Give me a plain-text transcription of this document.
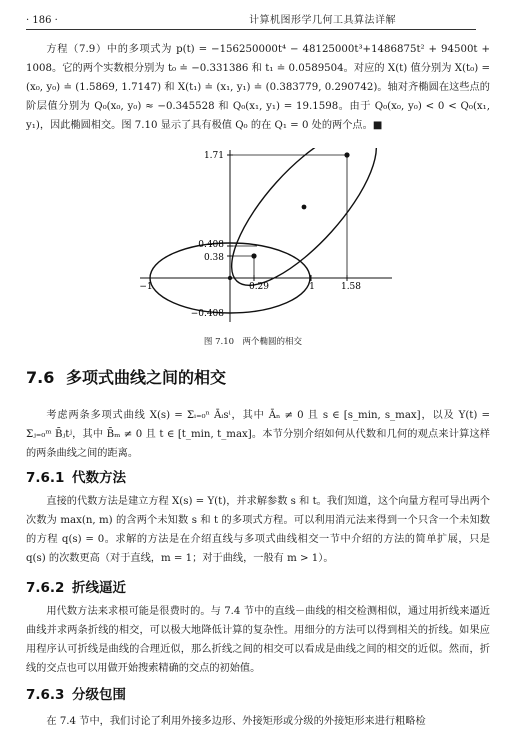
· 186 ·	计算机图形学几何工具算法详解
方程（7.9）中的多项式为 p(t) = −156250000t⁴ − 48125000t³+1486875t² + 94500t + 1008。它的两个实数根分别为 t₀ ≐ −0.331386 和 t₁ ≐ 0.0589504。对应的 X(t) 值分别为 X(t₀) = (x₀, y₀) ≐ (1.5869, 1.7147) 和 X(t₁) ≐ (x₁, y₁) ≐ (0.383779, 0.290742)。轴对齐椭圆在这些点的阶层值分别为 Q₀(x₀, y₀) ≈ −0.345528 和 Q₀(x₁, y₁) = 19.1598。由于 Q₀(x₀, y₀) < 0 < Q₀(x₁, y₁)，因此椭圆相交。图 7.10 显示了具有极值 Q₀ 的在 Q₁ = 0 处的两个点。■
1.71
0.408
0.38
−0.408
−1	0.29	1	1.58
图 7.10　两个椭圆的相交
7.6 多项式曲线之间的相交
考虑两条多项式曲线 X(s) = Σᵢ₌₀ⁿ Āᵢsⁱ，其中 Āₙ ≠ 0 且 s ∈ [s_min, s_max]，以及 Y(t) = Σⱼ₌₀ᵐ B̄ⱼtʲ，其中 B̄ₘ ≠ 0 且 t ∈ [t_min, t_max]。本节分别介绍如何从代数和几何的观点来计算这样的两条曲线之间的距离。
7.6.1 代数方法
直接的代数方法是建立方程 X(s) = Y(t)，并求解参数 s 和 t。我们知道，这个向量方程可导出两个次数为 max(n, m) 的含两个未知数 s 和 t 的多项式方程。可以利用消元法来得到一个只含一个未知数的方程 q(s) = 0。求解的方法是在介绍直线与多项式曲线相交一节中介绍的方法的简单扩展，只是 q(s) 的次数更高（对于直线，m = 1；对于曲线，一般有 m > 1）。
7.6.2 折线逼近
用代数方法来求根可能是很费时的。与 7.4 节中的直线－曲线的相交检测相似，通过用折线来逼近曲线并求两条折线的相交，可以极大地降低计算的复杂性。用细分的方法可以得到相关的折线。如果应用程序认可折线是曲线的合理近似，那么折线之间的相交可以看成是曲线之间的相交的近似。然而，折线的交点也可以用做开始搜索精确的交点的初始值。
7.6.3 分级包围
在 7.4 节中，我们讨论了利用外接多边形、外接矩形或分级的外接矩形来进行粗略检
